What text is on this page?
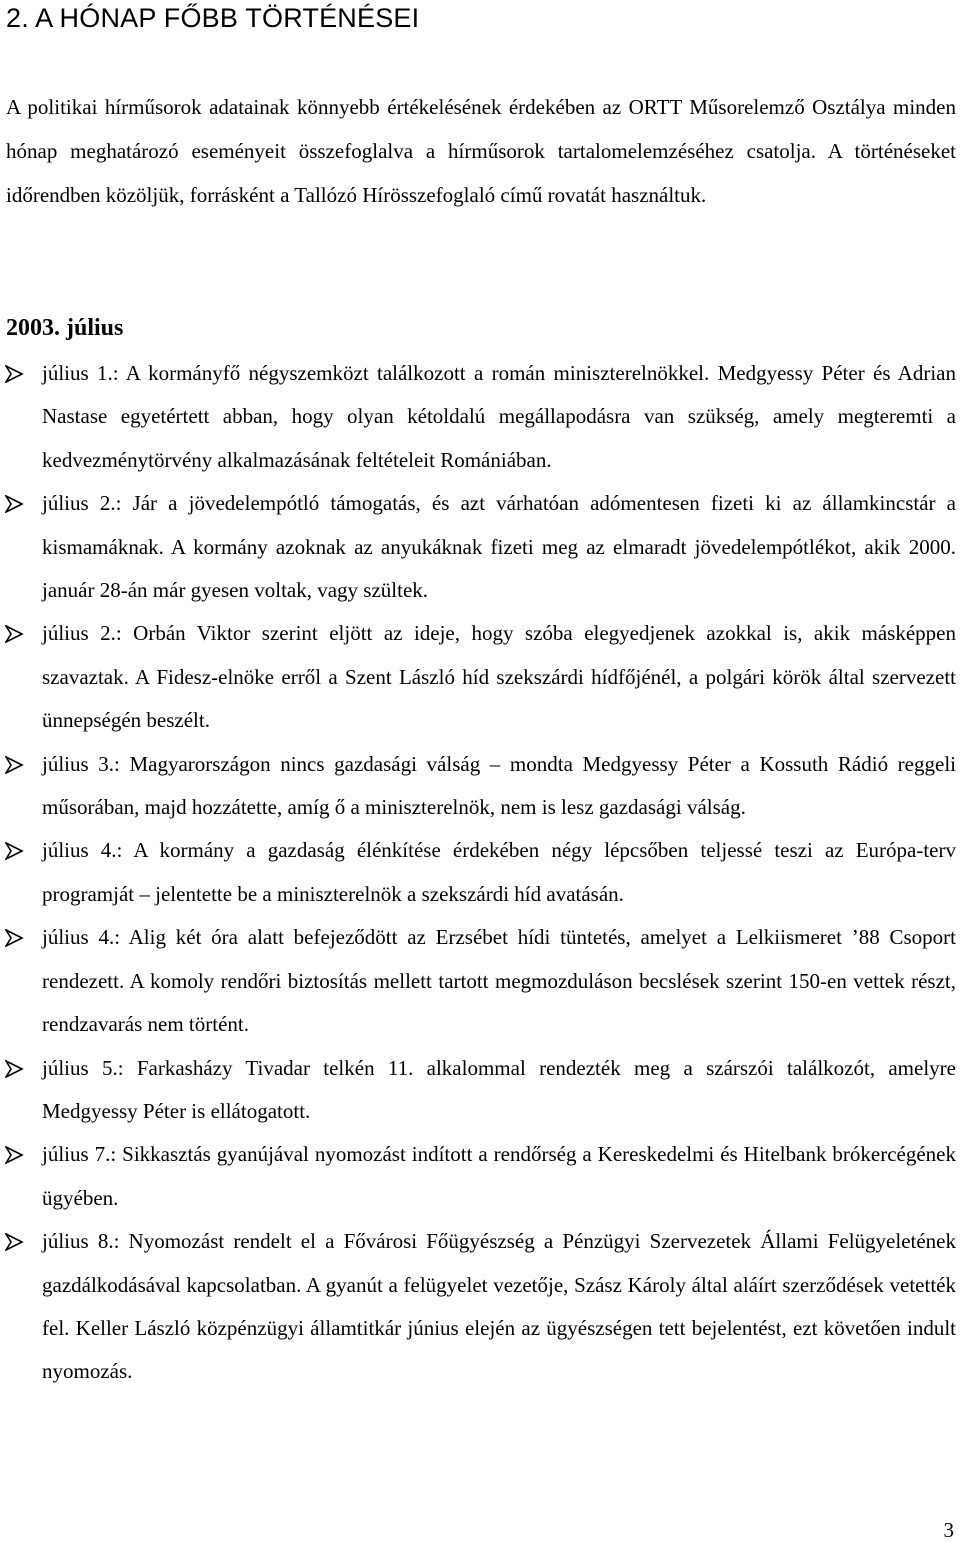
2. A HÓNAP FŐBB TÖRTÉNÉSEI

A politikai hírműsorok adatainak könnyebb értékelésének érdekében az ORTT Műsorelemző Osztálya minden hónap meghatározó eseményeit összefoglalva a hírműsorok tartalomelemzéséhez csatolja. A történéseket időrendben közöljük, forrásként a Tallózó Hírösszefoglaló című rovatát használtuk.

2003. július

július 1.: A kormányfő négyszemközt találkozott a román miniszterelnökkel. Medgyessy Péter és Adrian Nastase egyetértett abban, hogy olyan kétoldalú megállapodásra van szükség, amely megteremti a kedvezménytörvény alkalmazásának feltételeit Romániában.

július 2.: Jár a jövedelempótló támogatás, és azt várhatóan adómentesen fizeti ki az államkincstár a kismamáknak. A kormány azoknak az anyukáknak fizeti meg az elmaradt jövedelempótlékot, akik 2000. január 28-án már gyesen voltak, vagy szültek.

július 2.: Orbán Viktor szerint eljött az ideje, hogy szóba elegyedjenek azokkal is, akik másképpen szavaztak. A Fidesz-elnöke erről a Szent László híd szekszárdi hídfőjénél, a polgári körök által szervezett ünnepségén beszélt.

július 3.: Magyarországon nincs gazdasági válság – mondta Medgyessy Péter a Kossuth Rádió reggeli műsorában, majd hozzátette, amíg ő a miniszterelnök, nem is lesz gazdasági válság.

július 4.: A kormány a gazdaság élénkítése érdekében négy lépcsőben teljessé teszi az Európa-terv programját – jelentette be a miniszterelnök a szekszárdi híd avatásán.

július 4.: Alig két óra alatt befejeződött az Erzsébet hídi tüntetés, amelyet a Lelkiismeret ’88 Csoport rendezett. A komoly rendőri biztosítás mellett tartott megmozduláson becslések szerint 150-en vettek részt, rendzavarás nem történt.

július 5.: Farkasházy Tivadar telkén 11. alkalommal rendezték meg a szárszói találkozót, amelyre Medgyessy Péter is ellátogatott.

július 7.: Sikkasztás gyanújával nyomozást indított a rendőrség a Kereskedelmi és Hitelbank brókercégének ügyében.

július 8.: Nyomozást rendelt el a Fővárosi Főügyészség a Pénzügyi Szervezetek Állami Felügyeletének gazdálkodásával kapcsolatban. A gyanút a felügyelet vezetője, Szász Károly által aláírt szerződések vetették fel. Keller László közpénzügyi államtitkár június elején az ügyészségen tett bejelentést, ezt követően indult nyomozás.

3
